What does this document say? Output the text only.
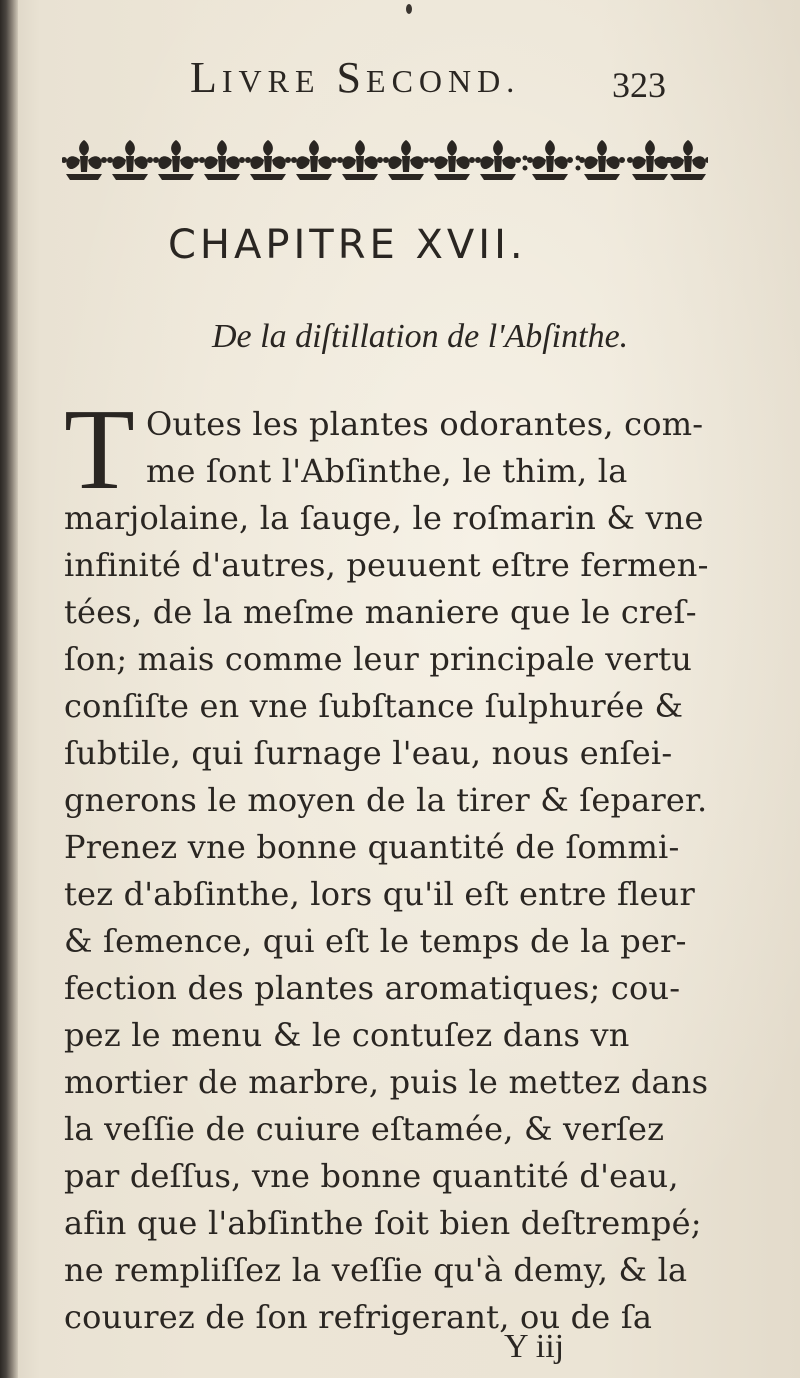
LIVRE SECOND.	323
CHAPITRE XVII.
De la diſtillation de l'Abſinthe.
T Outes les plantes odorantes, com-
me ſont l'Abſinthe, le thim, la
marjolaine, la ſauge, le roſmarin & vne
infinité d'autres, peuuent eſtre fermen-
tées, de la meſme maniere que le creſ-
ſon; mais comme leur principale vertu
conſiſte en vne ſubſtance ſulphurée &
ſubtile, qui ſurnage l'eau, nous enſei-
gnerons le moyen de la tirer & ſeparer.
Prenez vne bonne quantité de ſommi-
tez d'abſinthe, lors qu'il eſt entre fleur
& ſemence, qui eſt le temps de la per-
fection des plantes aromatiques; cou-
pez le menu & le contuſez dans vn
mortier de marbre, puis le mettez dans
la veſſie de cuiure eſtamée, & verſez
par deſſus, vne bonne quantité d'eau,
afin que l'abſinthe ſoit bien deſtrempé;
ne rempliſſez la veſſie qu'à demy, & la
couurez de ſon refrigerant, ou de ſa
Y iij
